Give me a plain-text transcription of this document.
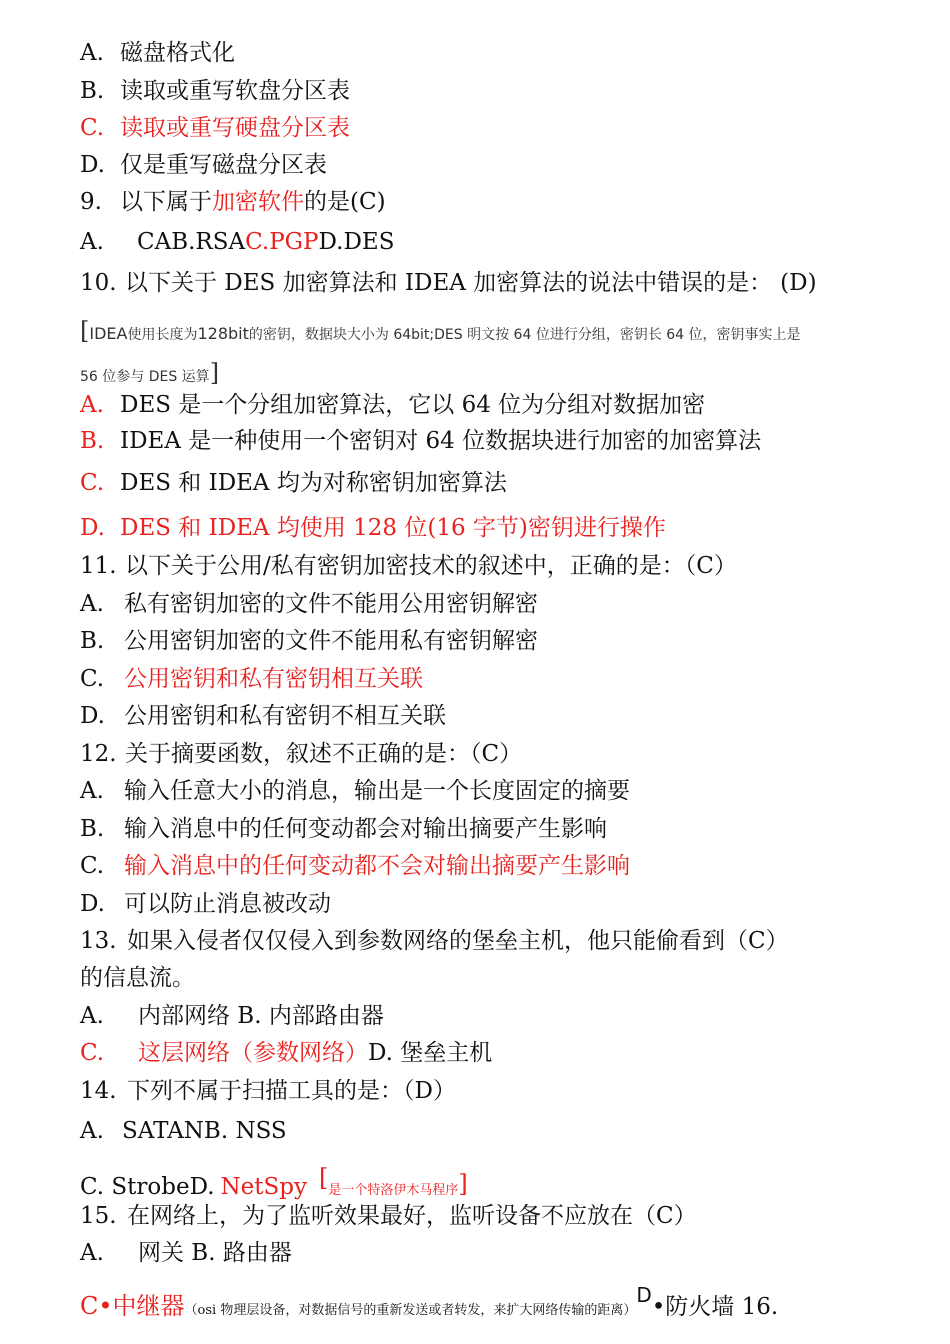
A. 磁盘格式化
B. 读取或重写软盘分区表
C. 读取或重写硬盘分区表
D. 仅是重写磁盘分区表
9. 以下属于加密软件的是(C)
A. CAB.RSAC.PGPD.DES
10. 以下关于 DES 加密算法和 IDEA 加密算法的说法中错误的是： (D)
[IDEA使用长度为128bit的密钥，数据块大小为 64bit;DES 明文按 64 位进行分组，密钥长 64 位，密钥事实上是
56 位参与 DES 运算]
A. DES 是一个分组加密算法，它以 64 位为分组对数据加密
B. IDEA 是一种使用一个密钥对 64 位数据块进行加密的加密算法
C. DES 和 IDEA 均为对称密钥加密算法
D. DES 和 IDEA 均使用 128 位(16 字节)密钥进行操作
11. 以下关于公用/私有密钥加密技术的叙述中，正确的是：（C）
A. 私有密钥加密的文件不能用公用密钥解密
B. 公用密钥加密的文件不能用私有密钥解密
C. 公用密钥和私有密钥相互关联
D. 公用密钥和私有密钥不相互关联
12. 关于摘要函数，叙述不正确的是：（C）
A. 输入任意大小的消息，输出是一个长度固定的摘要
B. 输入消息中的任何变动都会对输出摘要产生影响
C. 输入消息中的任何变动都不会对输出摘要产生影响
D. 可以防止消息被改动
13. 如果入侵者仅仅侵入到参数网络的堡垒主机，他只能偷看到（C）
的信息流。
A. 内部网络 B. 内部路由器
C. 这层网络（参数网络）D. 堡垒主机
14. 下列不属于扫描工具的是：（D）
A. SATANB. NSS
C. StrobeD. NetSpy [是一个特洛伊木马程序]
15. 在网络上，为了监听效果最好，监听设备不应放在（C）
A. 网关 B. 路由器
C•中继器（osi 物理层设备，对数据信号的重新发送或者转发，来扩大网络传输的距离）D•防火墙 16.
